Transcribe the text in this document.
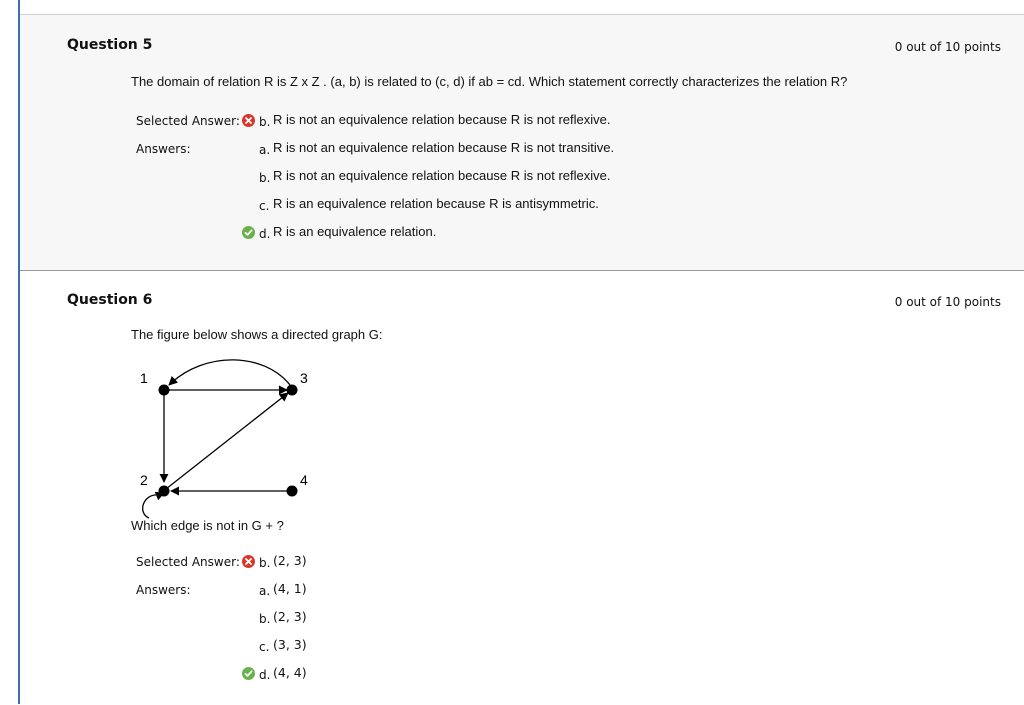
Question 5	0 out of 10 points
The domain of relation R is Z x Z . (a, b) is related to (c, d) if ab = cd. Which statement correctly characterizes the relation R?
Selected Answer: b. R is not an equivalence relation because R is not reflexive.
Answers:	a. R is not an equivalence relation because R is not transitive.
b. R is not an equivalence relation because R is not reflexive.
c. R is an equivalence relation because R is antisymmetric.
d. R is an equivalence relation.
Question 6	0 out of 10 points
The figure below shows a directed graph G:
1	3
2	4
Which edge is not in G + ?
Selected Answer: b. (2, 3)
Answers:	a. (4, 1)
b. (2, 3)
c. (3, 3)
d. (4, 4)
